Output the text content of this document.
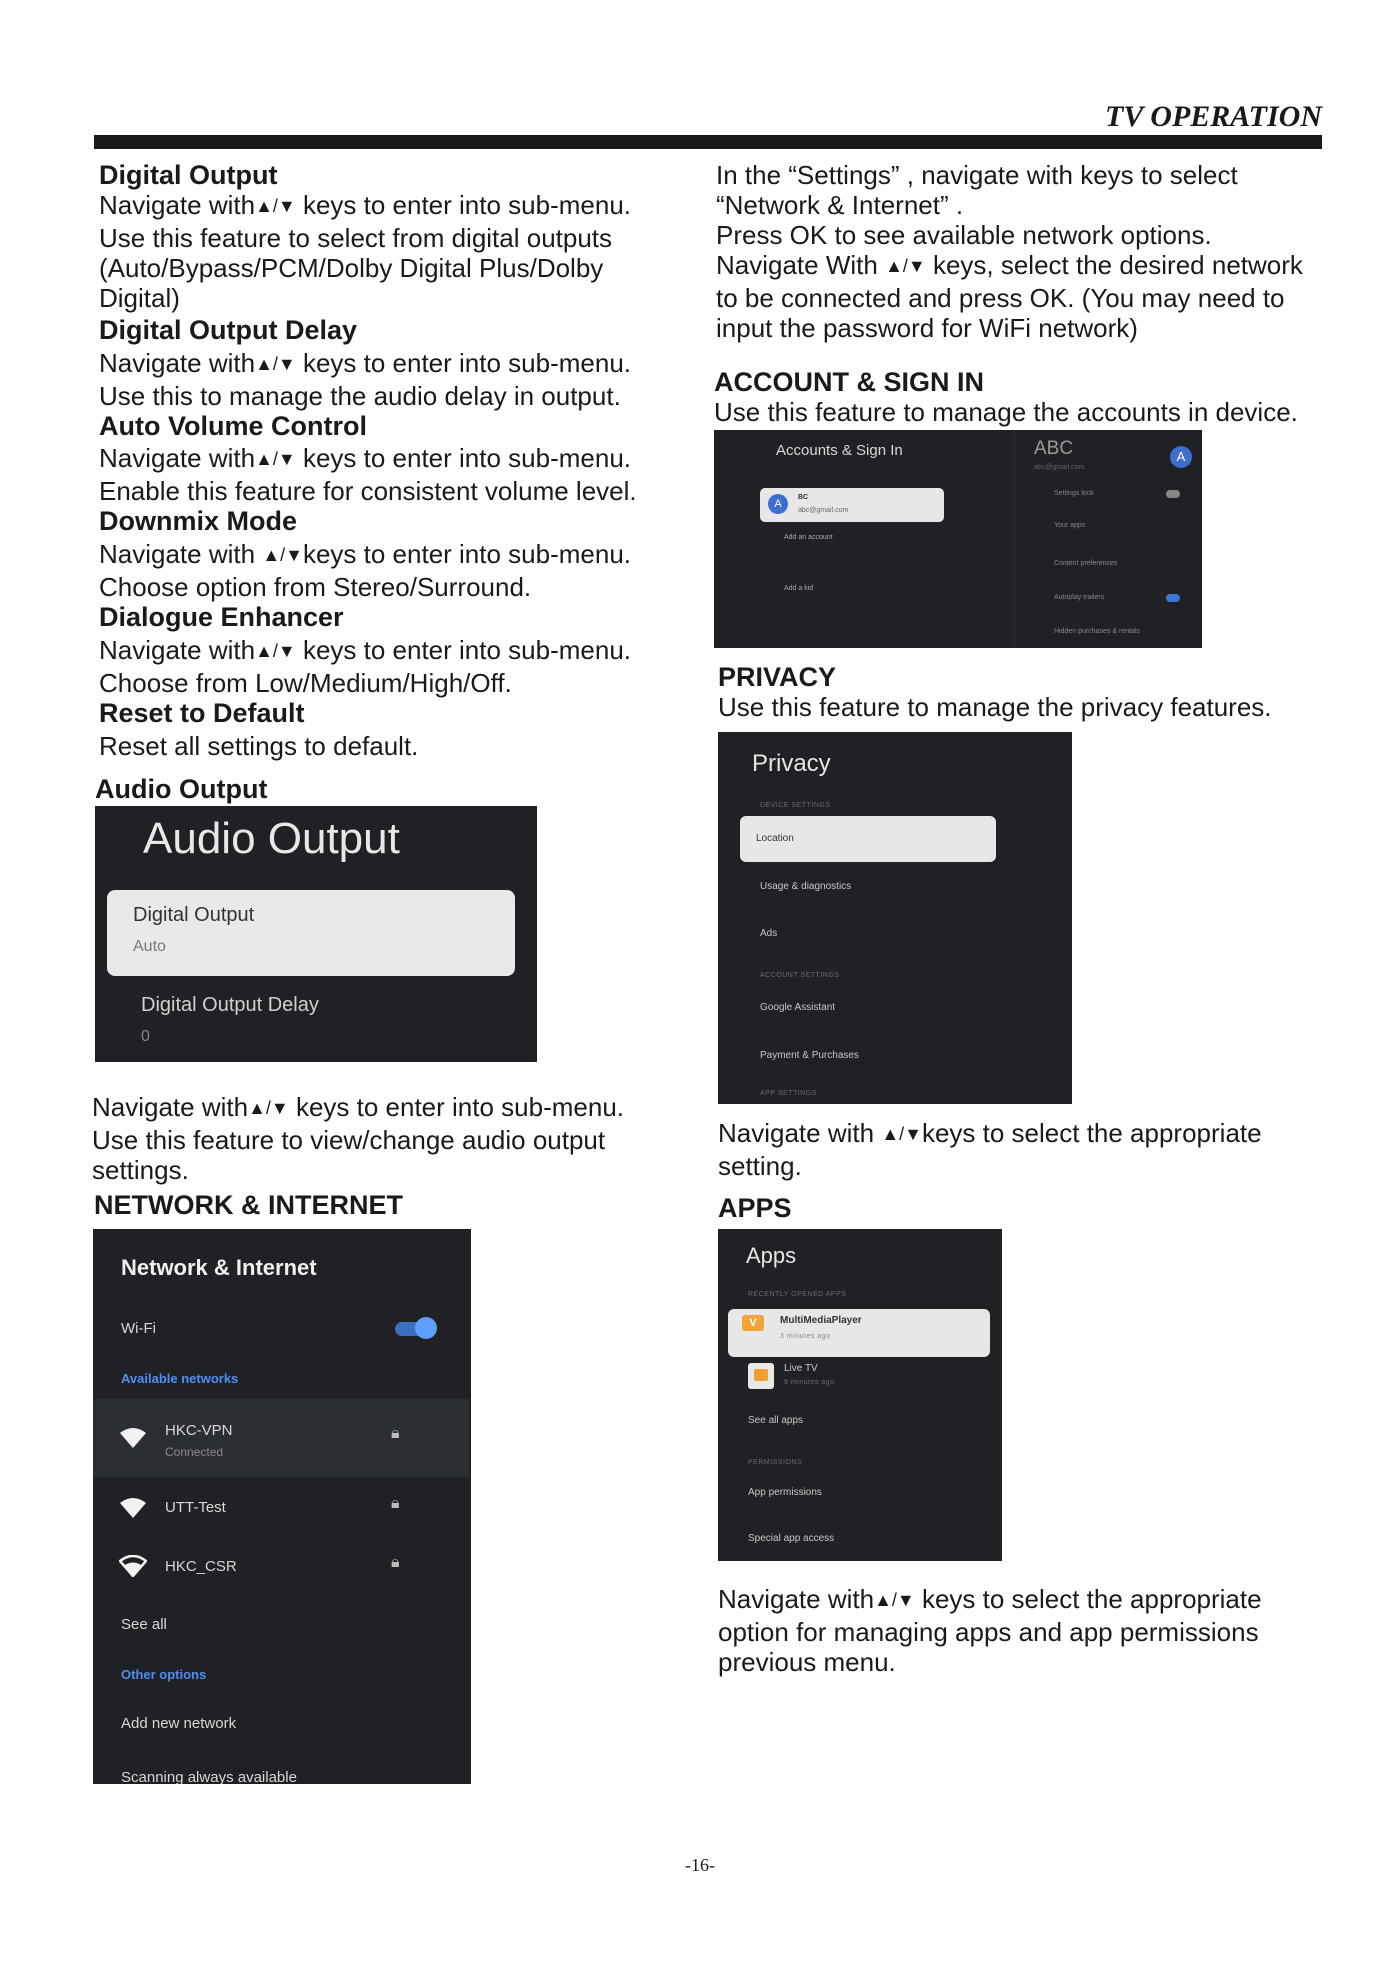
TV OPERATION

Digital Output

Navigate with▲/▼ keys to enter into sub-menu.

Use this feature to select from digital outputs

(Auto/Bypass/PCM/Dolby Digital Plus/Dolby

Digital)

Digital Output Delay

Navigate with▲/▼ keys to enter into sub-menu.

Use this to manage the audio delay in output.

Auto Volume Control

Navigate with▲/▼ keys to enter into sub-menu.

Enable this feature for consistent volume level.

Downmix Mode

Navigate with ▲/▼keys to enter into sub-menu.

Choose option from Stereo/Surround.

Dialogue Enhancer

Navigate with▲/▼ keys to enter into sub-menu.

Choose from Low/Medium/High/Off.

Reset to Default

Reset all settings to default.

Audio Output
Audio Output
Digital Output
Auto
Digital Output Delay
0

Navigate with▲/▼ keys to enter into sub-menu.

Use this feature to view/change audio output

settings.

NETWORK & INTERNET
Network & Internet
Wi-Fi
Available networks
HKC-VPN
Connected
🔒︎
UTT-Test	🔒︎
HKC_CSR	🔒︎
See all
Other options
Add new network
Scanning always available

In the “Settings” , navigate with keys to select

“Network & Internet” .

Press OK to see available network options.

Navigate With ▲/▼ keys, select the desired network

to be connected and press OK. (You may need to

input the password for WiFi network)

ACCOUNT & SIGN IN
Use this feature to manage the accounts in device.
Accounts & Sign In	ABC
abc@gmail.com
A
A
BC
abc@gmail.com
Add an account
Add a kid
Settings lock
Your apps
Content preferences
Autoplay trailers
Hidden purchases & rentals
PRIVACY
Use this feature to manage the privacy features.
Privacy
DEVICE SETTINGS
Location
Usage & diagnostics
Ads
ACCOUNT SETTINGS
Google Assistant
Payment & Purchases
APP SETTINGS

Navigate with ▲/▼keys to select the appropriate

setting.

APPS
Apps
RECENTLY OPENED APPS
V	MultiMediaPlayer
3 minutes ago
Live TV
9 minutes ago
See all apps
PERMISSIONS
App permissions
Special app access

Navigate with▲/▼ keys to select the appropriate

option for managing apps and app permissions

previous menu.

-16-
